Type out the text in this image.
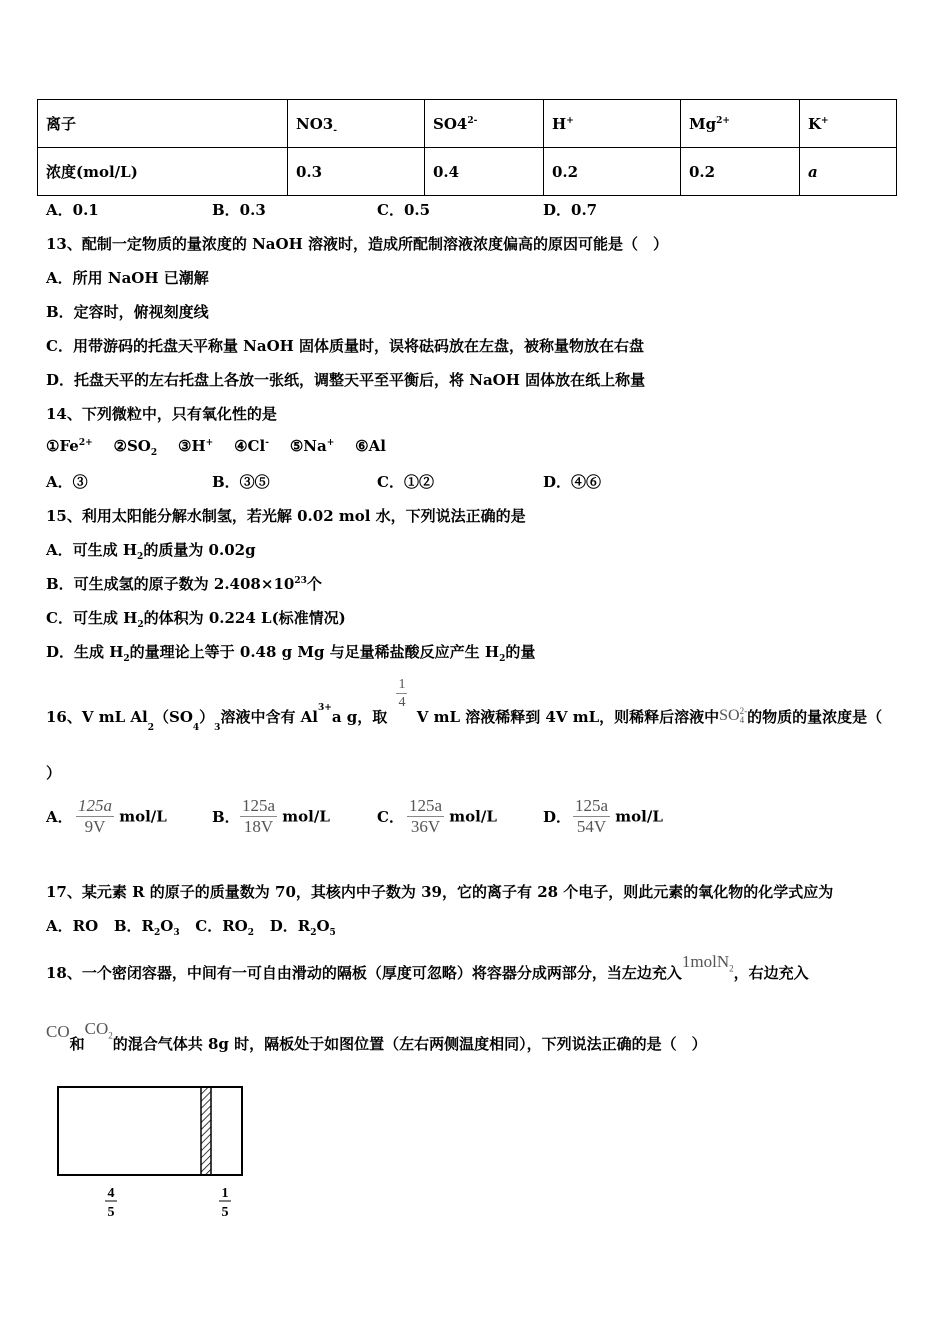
离子	$NO3_-$	$SO4^{2-}$	H+	$Mg^{2+}$	K+
浓度(mol/L)	0.3	0.4	0.2	0.2	a
A．0.1	B．0.3	C．0.5	D．0.7
13、配制一定物质的量浓度的 NaOH 溶液时，造成所配制溶液浓度偏高的原因可能是（　）
A．所用 NaOH 已潮解
B．定容时，俯视刻度线
C．用带游码的托盘天平称量 NaOH 固体质量时，误将砝码放在左盘，被称量物放在右盘
D．托盘天平的左右托盘上各放一张纸，调整天平至平衡后，将 NaOH 固体放在纸上称量
14、下列微粒中，只有氧化性的是
$①Fe^{2+}$ $②SO_2$ ③H+ ④Cl- ⑤Na+ ⑥Al
A．③	B．③⑤	C．①②	D．④⑥
15、利用太阳能分解水制氢，若光解 0.02 mol 水，下列说法正确的是
A．可生成 $H_2$的质量为 0.02g
B．可生成氢的原子数为 $2.408\times 10^{23}$个
C．可生成 $H_2$的体积为 0.224 L(标准情况)
D．生成 $H_2$的量理论上等于 0.48 g Mg 与足量稀盐酸反应产生 $H_2$的量
16、V mL $Al_2(SO_4)_3$溶液中含有 $Al^{3+}a$ g，取
$\frac{1}{4}$
V mL 溶液稀释到 4V mL，则稀释后溶液中SO 2-
4 的物质的量浓度是（
）
A． $\frac{125a}{9V} mol/L$	B． $\frac{125a}{18V} mol/L$	C． $\frac{125a}{36V} mol/L$	D． $\frac{125a}{54V} mol/L$
17、某元素 R 的原子的质量数为 70，其核内中子数为 39，它的离子有 28 个电子，则此元素的氧化物的化学式应为
A．RO B．$R_2O_3$ C．$RO_2$ D．$R_2O_5$
18、一个密闭容器，中间有一可自由滑动的隔板（厚度可忽略）将容器分成两部分，当左边充入1molN$_2$，右边充入
CO和$CO_2$的混合气体共 8g 时，隔板处于如图位置（左右两侧温度相同），下列说法正确的是（　）
4
5
1
5
